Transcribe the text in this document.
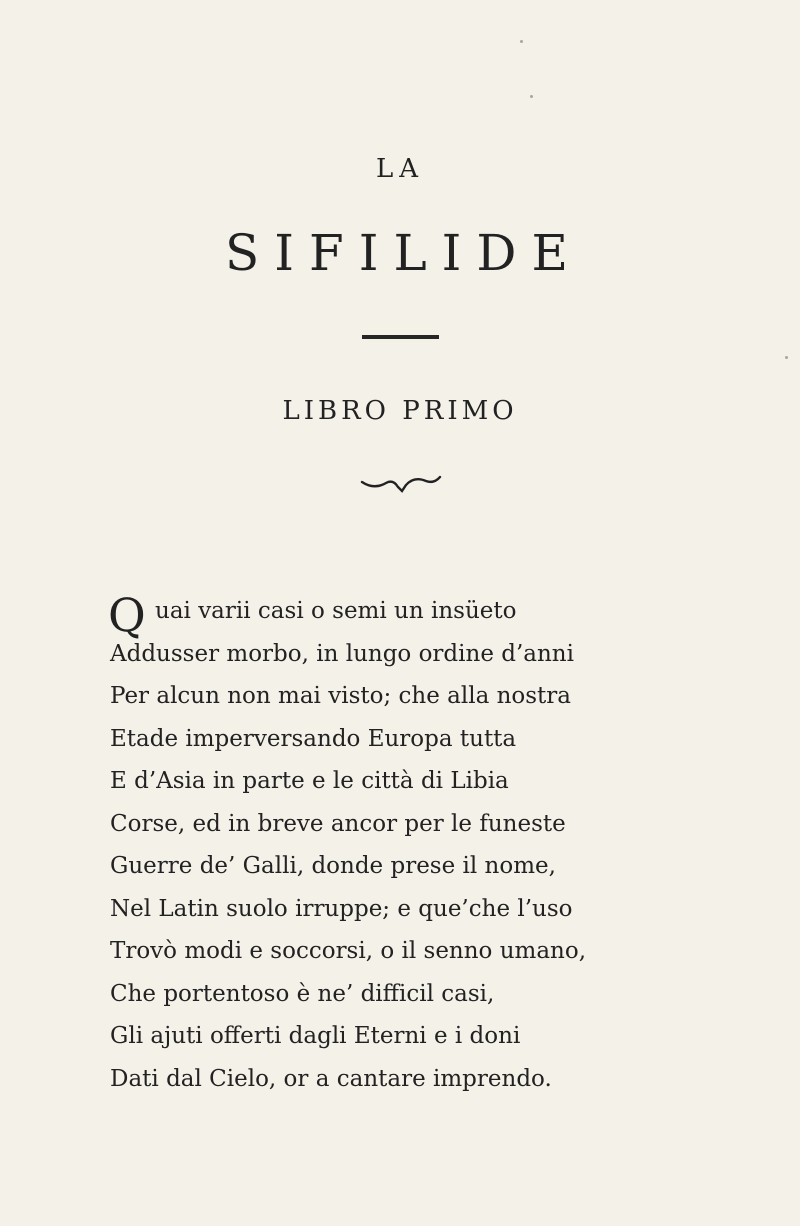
LA
SIFILIDE
LIBRO PRIMO
Q uai varii casi o semi un insüeto
Addusser morbo, in lungo ordine d’anni
Per alcun non mai visto; che alla nostra
Etade imperversando Europa tutta
E d’Asia in parte e le città di Libia
Corse, ed in breve ancor per le funeste
Guerre de’ Galli, donde prese il nome,
Nel Latin suolo irruppe; e que’che l’uso
Trovò modi e soccorsi, o il senno umano,
Che portentoso è ne’ difficil casi,
Gli ajuti offerti dagli Eterni e i doni
Dati dal Cielo, or a cantare imprendo.
